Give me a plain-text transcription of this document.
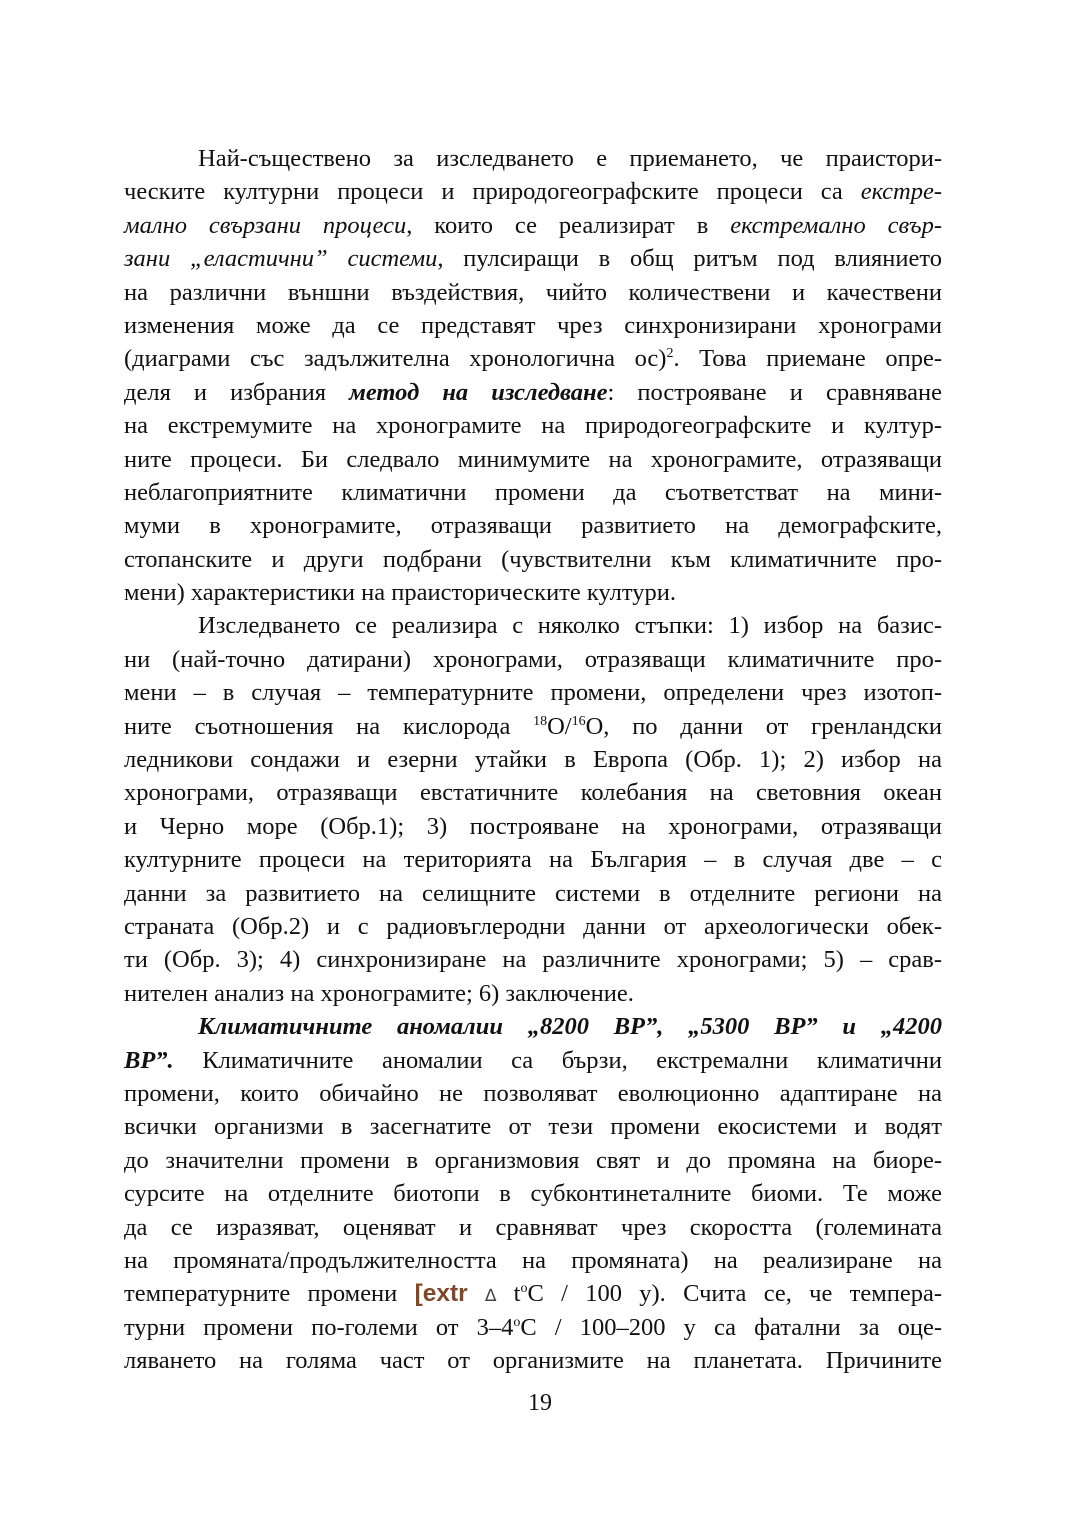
Най-съществено за изследването е приемането, че праистори-
ческите културни процеси и природогеографските процеси са екстре-
мално свързани процеси, които се реализират в екстремално свър-
зани „еластични” системи, пулсиращи в общ ритъм под влиянието
на различни външни въздействия, чийто количествени и качествени
изменения може да се представят чрез синхронизирани хронограми
(диаграми със задължителна хронологична ос)$^2$. Това приемане опре-
деля и избрания метод на изследване: построяване и сравняване
на екстремумите на хронограмите на природогеографските и култур-
ните процеси. Би следвало минимумите на хронограмите, отразяващи
неблагоприятните климатични промени да съответстват на мини-
муми в хронограмите, отразяващи развитието на демографските,
стопанските и други подбрани (чувствителни към климатичните про-
мени) характеристики на праисторическите култури.
Изследването се реализира с няколко стъпки: 1) избор на базис-
ни (най-точно датирани) хронограми, отразяващи климатичните про-
мени – в случая – температурните промени, определени чрез изотоп-
ните съотношения на кислорода $^{18}$O/$^{16}$O, по данни от гренландски
ледникови сондажи и езерни утайки в Европа (Обр. 1); 2) избор на
хронограми, отразяващи евстатичните колебания на световния океан
и Черно море (Обр.1); 3) построяване на хронограми, отразяващи
културните процеси на територията на България – в случая две – с
данни за развитието на селищните системи в отделните региони на
страната (Обр.2) и с радиовъглеродни данни от археологически обек-
ти (Обр. 3); 4) синхронизиране на различните хронограми; 5) – срав-
нителен анализ на хронограмите; 6) заключение.
Климатичните аномалии „8200 BP”, „5300 BP” и „4200
BP”. Климатичните аномалии са бързи, екстремални климатични
промени, които обичайно не позволяват еволюционно адаптиране на
всички организми в засегнатите от тези промени екосистеми и водят
до значителни промени в организмовия свят и до промяна на биоре-
сурсите на отделните биотопи в субконтинеталните биоми. Те може
да се изразяват, оценяват и сравняват чрез скоростта (големината
на промяната/продължителността на промяната) на реализиране на
температурните промени [extr ∆ $t^oC / 100$ y). Счита се, че темпера-
турни промени по-големи от 3–4$^o$C / 100–200 y са фатални за оце-
ляването на голяма част от организмите на планетата. Причините
19
